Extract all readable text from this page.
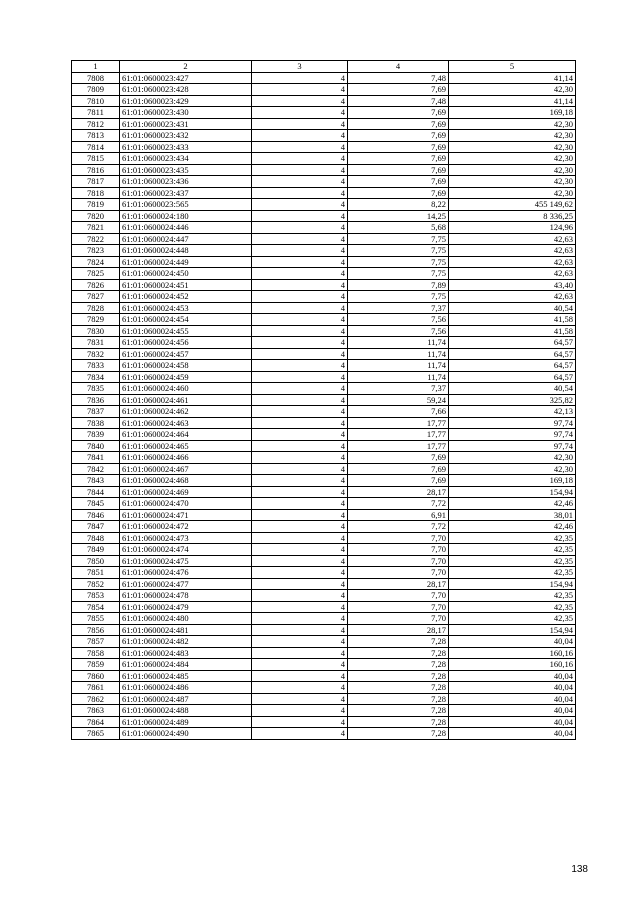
1	2	3	4	5
7808	61:01:0600023:427	4	7,48	41,14
7809	61:01:0600023:428	4	7,69	42,30
7810	61:01:0600023:429	4	7,48	41,14
7811	61:01:0600023:430	4	7,69	169,18
7812	61:01:0600023:431	4	7,69	42,30
7813	61:01:0600023:432	4	7,69	42,30
7814	61:01:0600023:433	4	7,69	42,30
7815	61:01:0600023:434	4	7,69	42,30
7816	61:01:0600023:435	4	7,69	42,30
7817	61:01:0600023:436	4	7,69	42,30
7818	61:01:0600023:437	4	7,69	42,30
7819	61:01:0600023:565	4	8,22	455 149,62
7820	61:01:0600024:180	4	14,25	8 336,25
7821	61:01:0600024:446	4	5,68	124,96
7822	61:01:0600024:447	4	7,75	42,63
7823	61:01:0600024:448	4	7,75	42,63
7824	61:01:0600024:449	4	7,75	42,63
7825	61:01:0600024:450	4	7,75	42,63
7826	61:01:0600024:451	4	7,89	43,40
7827	61:01:0600024:452	4	7,75	42,63
7828	61:01:0600024:453	4	7,37	40,54
7829	61:01:0600024:454	4	7,56	41,58
7830	61:01:0600024:455	4	7,56	41,58
7831	61:01:0600024:456	4	11,74	64,57
7832	61:01:0600024:457	4	11,74	64,57
7833	61:01:0600024:458	4	11,74	64,57
7834	61:01:0600024:459	4	11,74	64,57
7835	61:01:0600024:460	4	7,37	40,54
7836	61:01:0600024:461	4	59,24	325,82
7837	61:01:0600024:462	4	7,66	42,13
7838	61:01:0600024:463	4	17,77	97,74
7839	61:01:0600024:464	4	17,77	97,74
7840	61:01:0600024:465	4	17,77	97,74
7841	61:01:0600024:466	4	7,69	42,30
7842	61:01:0600024:467	4	7,69	42,30
7843	61:01:0600024:468	4	7,69	169,18
7844	61:01:0600024:469	4	28,17	154,94
7845	61:01:0600024:470	4	7,72	42,46
7846	61:01:0600024:471	4	6,91	38,01
7847	61:01:0600024:472	4	7,72	42,46
7848	61:01:0600024:473	4	7,70	42,35
7849	61:01:0600024:474	4	7,70	42,35
7850	61:01:0600024:475	4	7,70	42,35
7851	61:01:0600024:476	4	7,70	42,35
7852	61:01:0600024:477	4	28,17	154,94
7853	61:01:0600024:478	4	7,70	42,35
7854	61:01:0600024:479	4	7,70	42,35
7855	61:01:0600024:480	4	7,70	42,35
7856	61:01:0600024:481	4	28,17	154,94
7857	61:01:0600024:482	4	7,28	40,04
7858	61:01:0600024:483	4	7,28	160,16
7859	61:01:0600024:484	4	7,28	160,16
7860	61:01:0600024:485	4	7,28	40,04
7861	61:01:0600024:486	4	7,28	40,04
7862	61:01:0600024:487	4	7,28	40,04
7863	61:01:0600024:488	4	7,28	40,04
7864	61:01:0600024:489	4	7,28	40,04
7865	61:01:0600024:490	4	7,28	40,04
138
